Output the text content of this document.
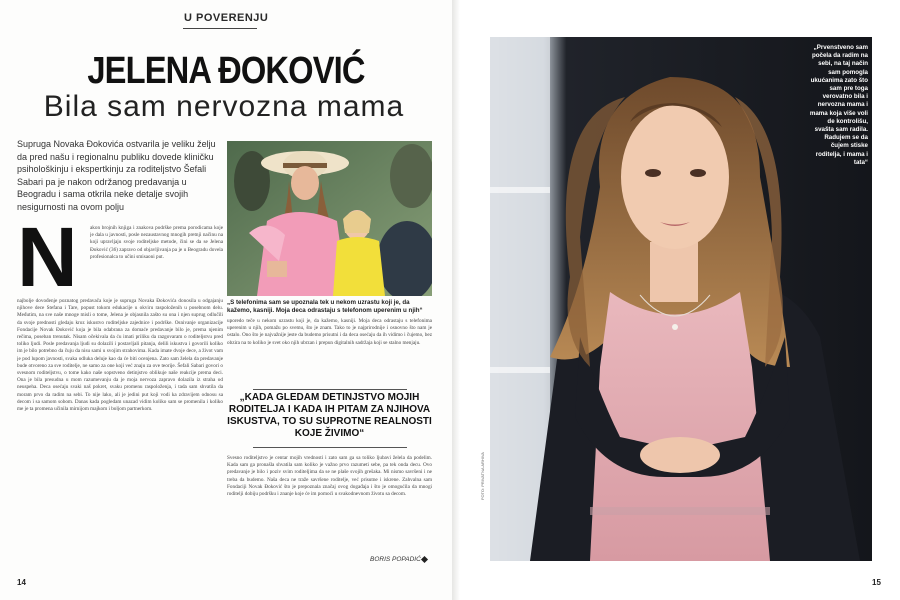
U POVERENJU
JELENA ĐOKOVIĆ
Bila sam nervozna mama
Supruga Novaka Đokovića ostvarila je veliku želju da pred našu i regionalnu publiku dovede kliničku psihološkinju i ekspertkinju za roditeljstvo Šefali Sabari pa je nakon održanog predavanja u Beogradu i sama otkrila neke detalje svojih nesigurnosti na ovom polju
„S telefonima sam se upoznala tek u nekom uzrastu koji je, da kažemo, kasniji. Moja deca odrastaju s telefonom uperenim u njih“
N akon brojnih knjiga i znakova podrške prema porodicama koje je dala u javnosti, posle nezaustavnog mnogih pretnji načinu na koji upravljaju svoje roditeljske metode, čini se da se Jelena Đoković (36) zapravo od objavljivanja pa je u Beogradu dovela profesionalca to učini smisaoni put.
najbolje dovođenje poznatog predavača koje je supruga Novaka Đokovića donosila u odgajanju njihove dece Stefana i Tare, popust tokom edukacije u okviru raspoloženih u posebnom delu. Međutim, na sve naše mnoge misli o tome, Jelena je objasnila zašto su ona i njen suprug odlučili da svoje prednosti gledaju kroz iskustvo roditeljske zajednice i podrške. Osnivanje organizacije Fondacije Novak Đoković koja je bila odabrana za domaće predavanje bilo je, prema njenim rečima, poseban trenutak. Nisam očekivala da ću imati priliku da razgovaram o roditeljstvu pred toliko ljudi. Posle predavanja ljudi su dolazili i postavljali pitanja, delili iskustva i govorili koliko im je bilo potrebno da čuju da nisu sami u svojim strahovima. Kada imate dvoje dece, a život vam je pod lupom javnosti, svaka odluka deluje kao da će biti ocenjena. Zato sam želela da predavanje bude otvoreno za sve roditelje, ne samo za one koji već znaju za ove teorije. Šefali Sabari govori o svesnom roditeljstvu, o tome kako naše sopstveno detinjstvo oblikuje naše reakcije prema deci. Ona je bila presudna u mom razumevanju da je moja nervoza zapravo dolazila iz straha od neuspeha. Deca osećaju svaki naš pokret, svaku promenu raspoloženja, i tada sam shvatila da moram prvo da radim na sebi. To nije lako, ali je jedini put koji vodi ka zdravijem odnosu sa decom i sa samom sobom. Danas kada pogledam unazad vidim koliko sam se promenila i koliko me je ta promena učinila mirnijom majkom i boljom partnerkom.
uporedo teče u nekom uzrastu koji je, da kažemo, kasniji. Moja deca odrastaju s telefonima uperenim u njih, pomažu po svemu, što je znam. Tako to je najprirodnije i osnovno što nam je ostalo. Ono što je najvažnije jeste da budemo prisutni i da deca osećaju da ih vidimo i čujemo, bez obzira na to koliko je svet oko njih ubrzan i prepun digitalnih sadržaja koji se stalno menjaju.
„KADA GLEDAM DETINJSTVO MOJIH RODITELJA I KADA IH PITAM ZA NJIHOVA ISKUSTVA, TO SU SUPROTNE REALNOSTI KOJE ŽIVIMO“
Svesno roditeljstvo je centar mojih vrednosti i zato sam ga sa toliko ljubavi želela da podelim. Kada sam ga pronašla shvatila sam koliko je važno prvo razumeti sebe, pa tek onda decu. Ovo predavanje je bilo i poziv svim roditeljima da se ne plaše svojih grešaka. Mi nismo savršeni i ne treba da budemo. Naša deca ne traže savršene roditelje, već prisutne i iskrene. Zahvalna sam Fondaciji Novak Đoković što je prepoznala značaj ovog događaja i što je omogućila da mnogi roditelji dobiju podršku i znanje koje će im pomoći u svakodnevnom životu sa decom.
BORIS POPADIĆ
14	15
FOTO: PRIVATNA ARHIVA
„Prvenstveno sam počela da radim na sebi, na taj način sam pomogla ukućanima zato što sam pre toga verovatno bila i nervozna mama i mama koja više voli de kontrolišu, svašta sam radila. Radujem se da čujem stiske roditelja, i mama i tata“
